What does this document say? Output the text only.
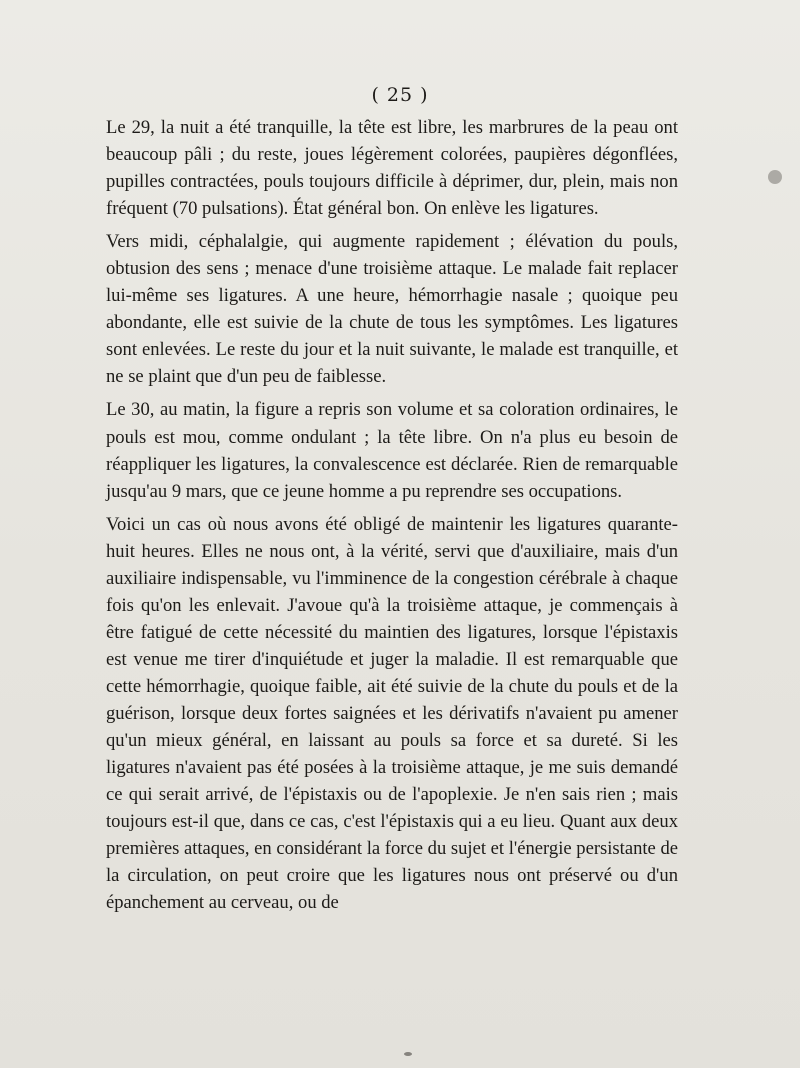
( 25 )

Le 29, la nuit a été tranquille, la tête est libre, les marbrures de la peau ont beaucoup pâli ; du reste, joues légèrement colorées, paupières dégonflées, pupilles contractées, pouls toujours difficile à déprimer, dur, plein, mais non fréquent (70 pulsations). État général bon. On enlève les ligatures.

Vers midi, céphalalgie, qui augmente rapidement ; élévation du pouls, obtusion des sens ; menace d'une troisième attaque. Le malade fait replacer lui-même ses ligatures. A une heure, hémorrhagie nasale ; quoique peu abondante, elle est suivie de la chute de tous les symptômes. Les ligatures sont enlevées. Le reste du jour et la nuit suivante, le malade est tranquille, et ne se plaint que d'un peu de faiblesse.

Le 30, au matin, la figure a repris son volume et sa coloration ordinaires, le pouls est mou, comme ondulant ; la tête libre. On n'a plus eu besoin de réappliquer les ligatures, la convalescence est déclarée. Rien de remarquable jusqu'au 9 mars, que ce jeune homme a pu reprendre ses occupations.

Voici un cas où nous avons été obligé de maintenir les ligatures quarante-huit heures. Elles ne nous ont, à la vérité, servi que d'auxiliaire, mais d'un auxiliaire indispensable, vu l'imminence de la congestion cérébrale à chaque fois qu'on les enlevait. J'avoue qu'à la troisième attaque, je commençais à être fatigué de cette nécessité du maintien des ligatures, lorsque l'épistaxis est venue me tirer d'inquiétude et juger la maladie. Il est remarquable que cette hémorrhagie, quoique faible, ait été suivie de la chute du pouls et de la guérison, lorsque deux fortes saignées et les dérivatifs n'avaient pu amener qu'un mieux général, en laissant au pouls sa force et sa dureté. Si les ligatures n'avaient pas été posées à la troisième attaque, je me suis demandé ce qui serait arrivé, de l'épistaxis ou de l'apoplexie. Je n'en sais rien ; mais toujours est-il que, dans ce cas, c'est l'épistaxis qui a eu lieu. Quant aux deux premières attaques, en considérant la force du sujet et l'énergie persistante de la circulation, on peut croire que les ligatures nous ont préservé ou d'un épanchement au cerveau, ou de
